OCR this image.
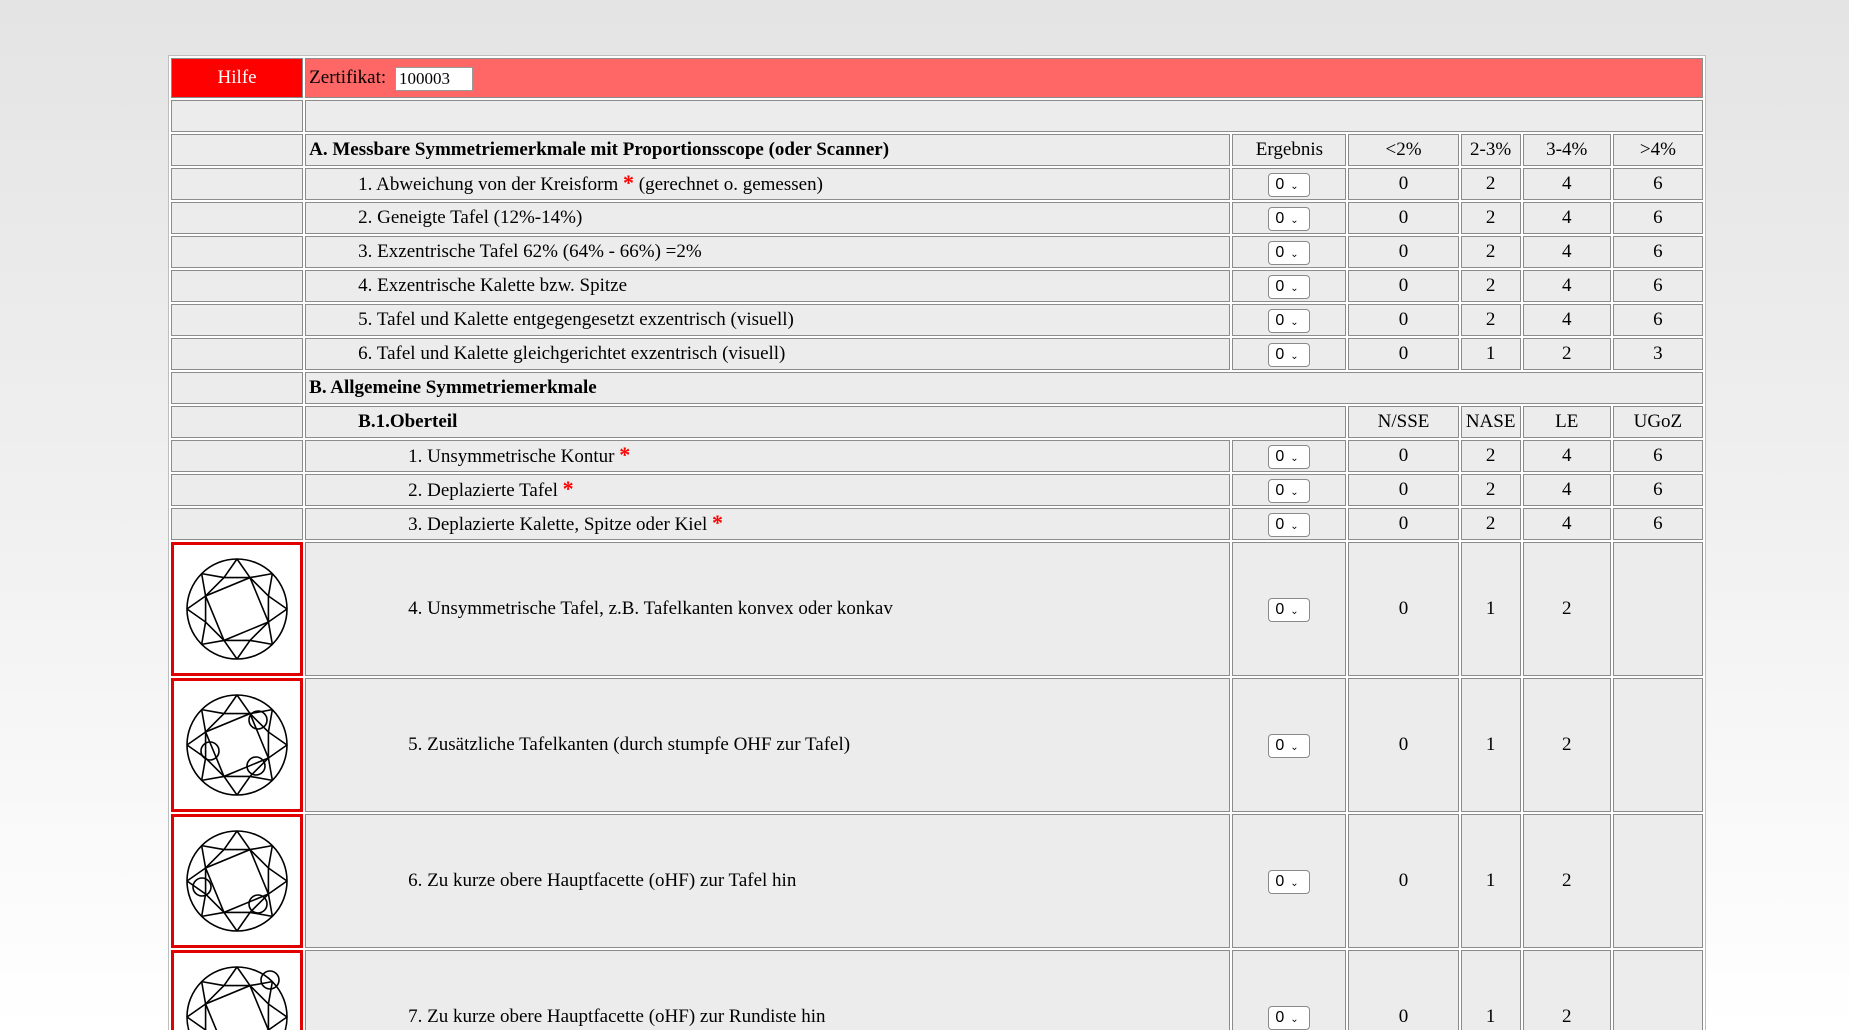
Hilfe	Zertifikat: 100003

	A. Messbare Symmetriemerkmale mit Proportionsscope (oder Scanner)	Ergebnis	<2%	2-3%	3-4%	>4%
	1. Abweichung von der Kreisform * (gerechnet o. gemessen)	0 ⌄	0	2	4	6
	2. Geneigte Tafel (12%-14%)	0 ⌄	0	2	4	6
	3. Exzentrische Tafel 62% (64% - 66%) =2%	0 ⌄	0	2	4	6
	4. Exzentrische Kalette bzw. Spitze	0 ⌄	0	2	4	6
	5. Tafel und Kalette entgegengesetzt exzentrisch (visuell)	0 ⌄	0	2	4	6
	6. Tafel und Kalette gleichgerichtet exzentrisch (visuell)	0 ⌄	0	1	2	3
	B. Allgemeine Symmetriemerkmale					
	B.1.Oberteil		N/SSE	NASE	LE	UGoZ
	1. Unsymmetrische Kontur *	0 ⌄	0	2	4	6
	2. Deplazierte Tafel *	0 ⌄	0	2	4	6
	3. Deplazierte Kalette, Spitze oder Kiel *	0 ⌄	0	2	4	6

	4. Unsymmetrische Tafel, z.B. Tafelkanten konvex oder konkav	0 ⌄	0	1	2	

	5. Zusätzliche Tafelkanten (durch stumpfe OHF zur Tafel)	0 ⌄	0	1	2	

	6. Zu kurze obere Hauptfacette (oHF) zur Tafel hin	0 ⌄	0	1	2	

	7. Zu kurze obere Hauptfacette (oHF) zur Rundiste hin	0 ⌄	0	1	2	
